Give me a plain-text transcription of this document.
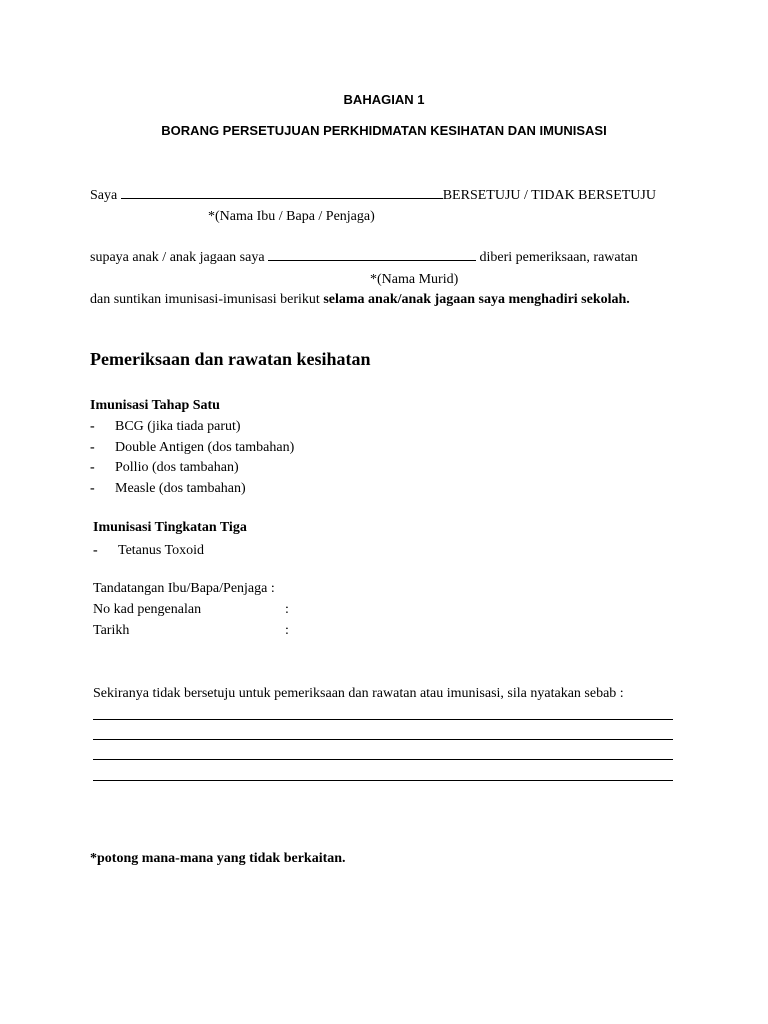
BAHAGIAN 1
BORANG PERSETUJUAN PERKHIDMATAN KESIHATAN DAN IMUNISASI
Saya	BERSETUJU / TIDAK BERSETUJU
*(Nama Ibu / Bapa / Penjaga)
supaya anak / anak jagaan saya	diberi pemeriksaan, rawatan
*(Nama Murid)
dan suntikan imunisasi-imunisasi berikut selama anak/anak jagaan saya menghadiri sekolah.
Pemeriksaan dan rawatan kesihatan
Imunisasi Tahap Satu
-	BCG (jika tiada parut)
-	Double Antigen (dos tambahan)
-	Pollio (dos tambahan)
-	Measle (dos tambahan)
Imunisasi Tingkatan Tiga
-	Tetanus Toxoid
Tandatangan Ibu/Bapa/Penjaga :
No kad pengenalan	:
Tarikh	:
Sekiranya tidak bersetuju untuk pemeriksaan dan rawatan atau imunisasi, sila nyatakan sebab :
*potong mana-mana yang tidak berkaitan.
